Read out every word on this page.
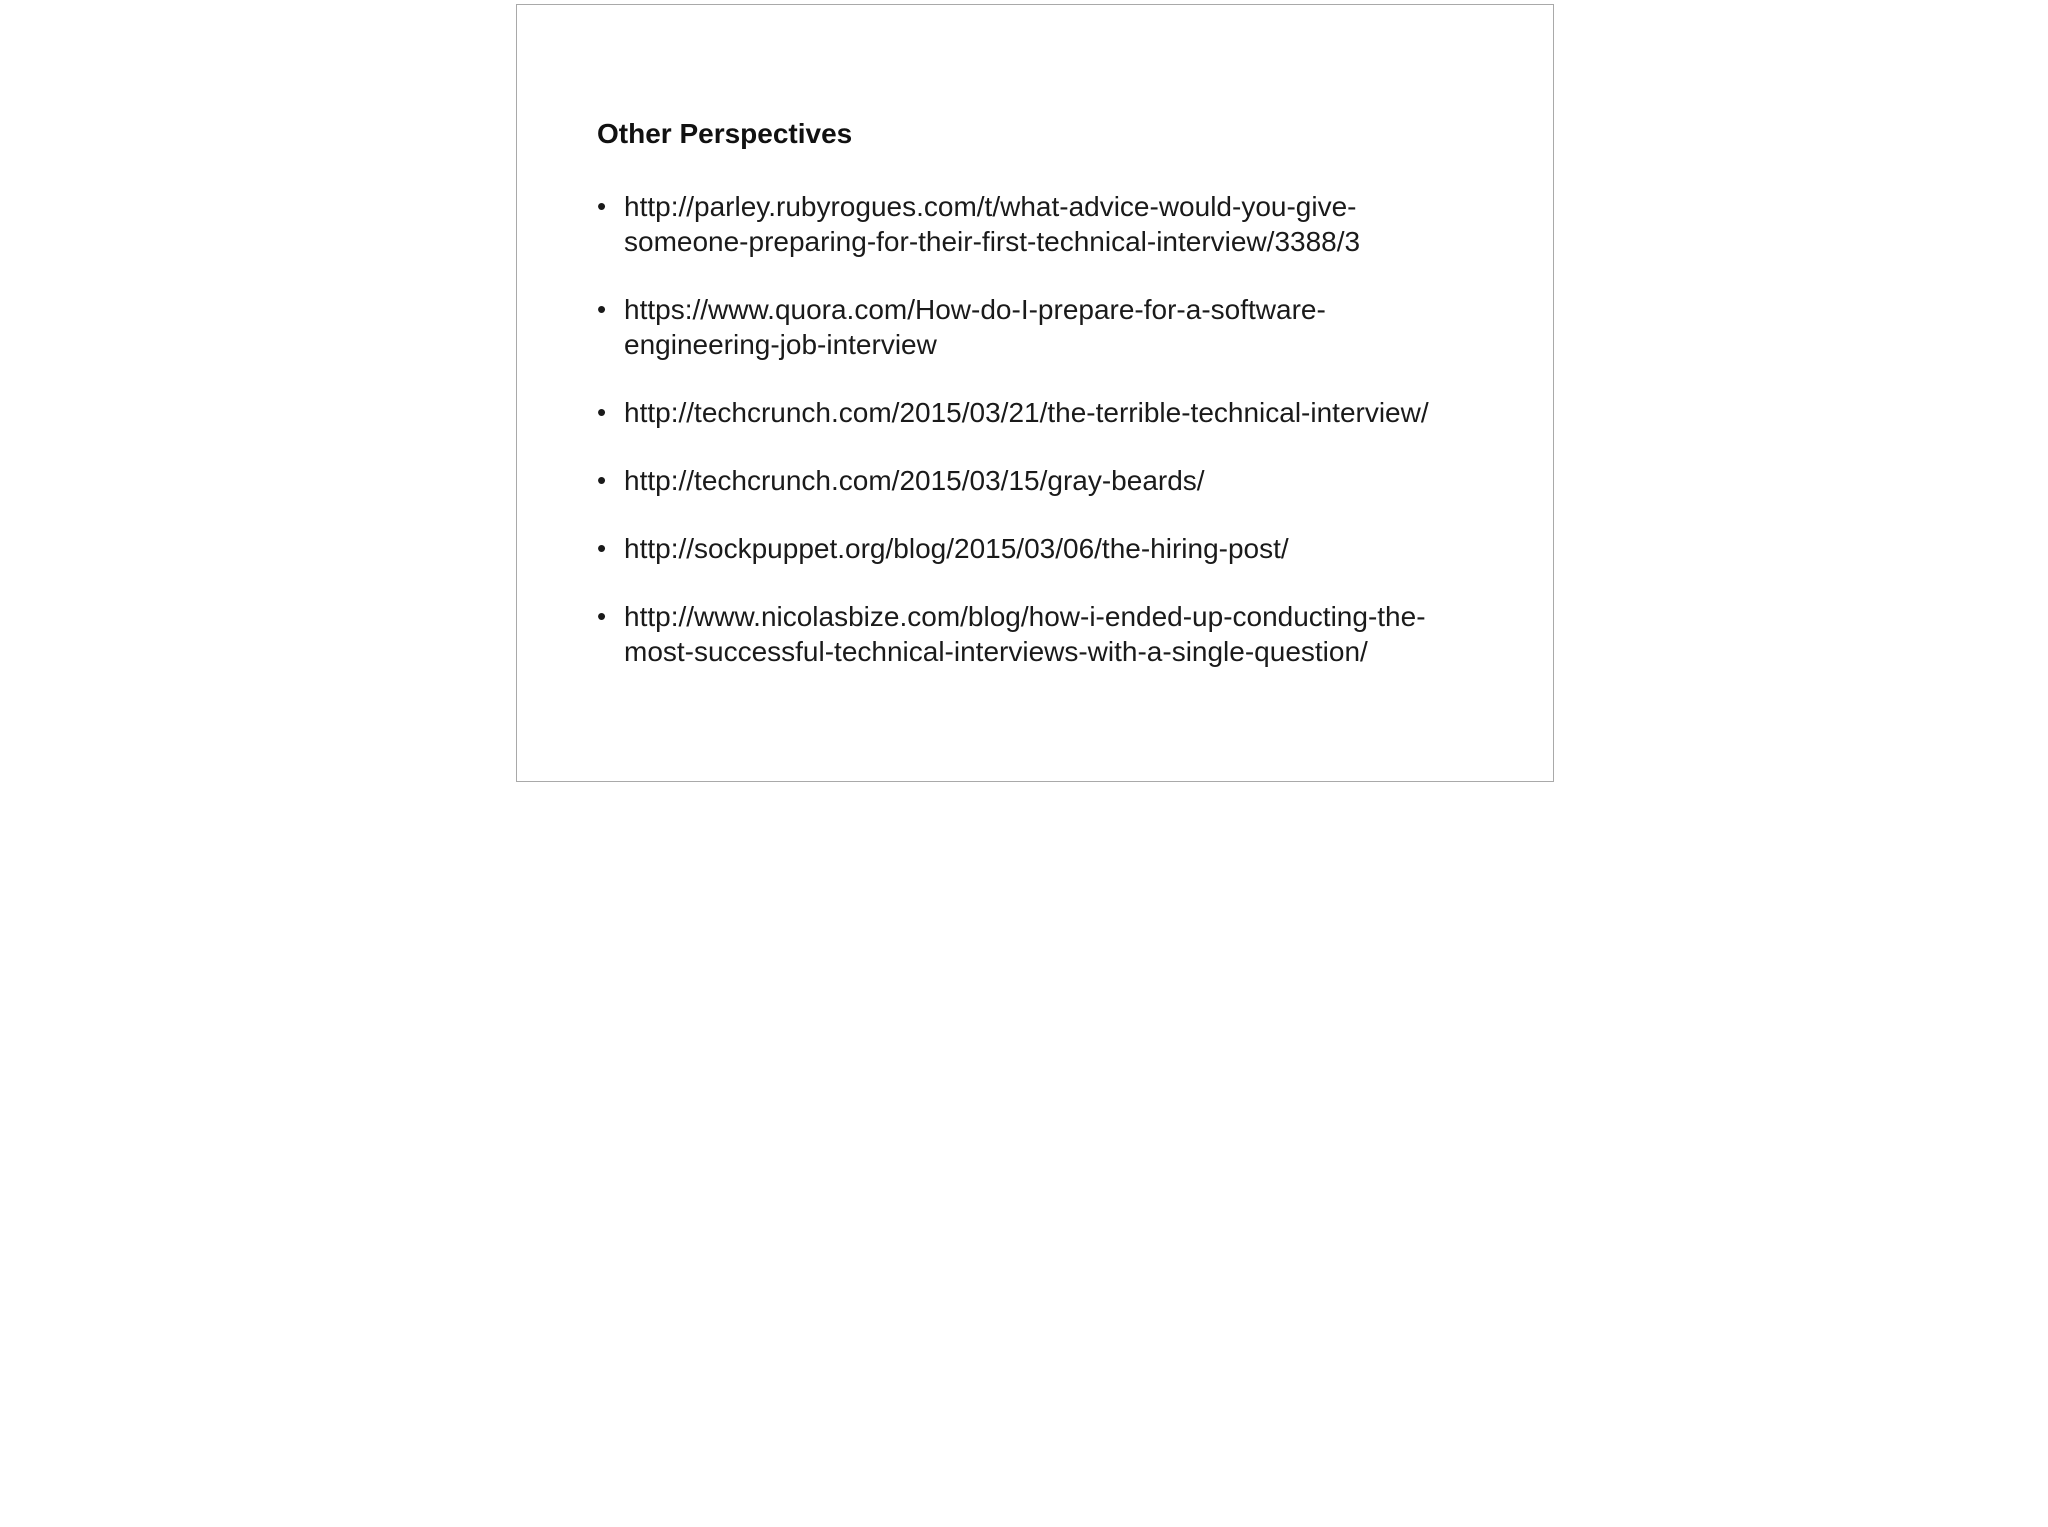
Other Perspectives
• http://parley.rubyrogues.com/t/what-advice-would-you-give-
someone-preparing-for-their-first-technical-interview/3388/3
• https://www.quora.com/How-do-I-prepare-for-a-software-
engineering-job-interview
• http://techcrunch.com/2015/03/21/the-terrible-technical-interview/
• http://techcrunch.com/2015/03/15/gray-beards/
• http://sockpuppet.org/blog/2015/03/06/the-hiring-post/
• http://www.nicolasbize.com/blog/how-i-ended-up-conducting-the-
most-successful-technical-interviews-with-a-single-question/
